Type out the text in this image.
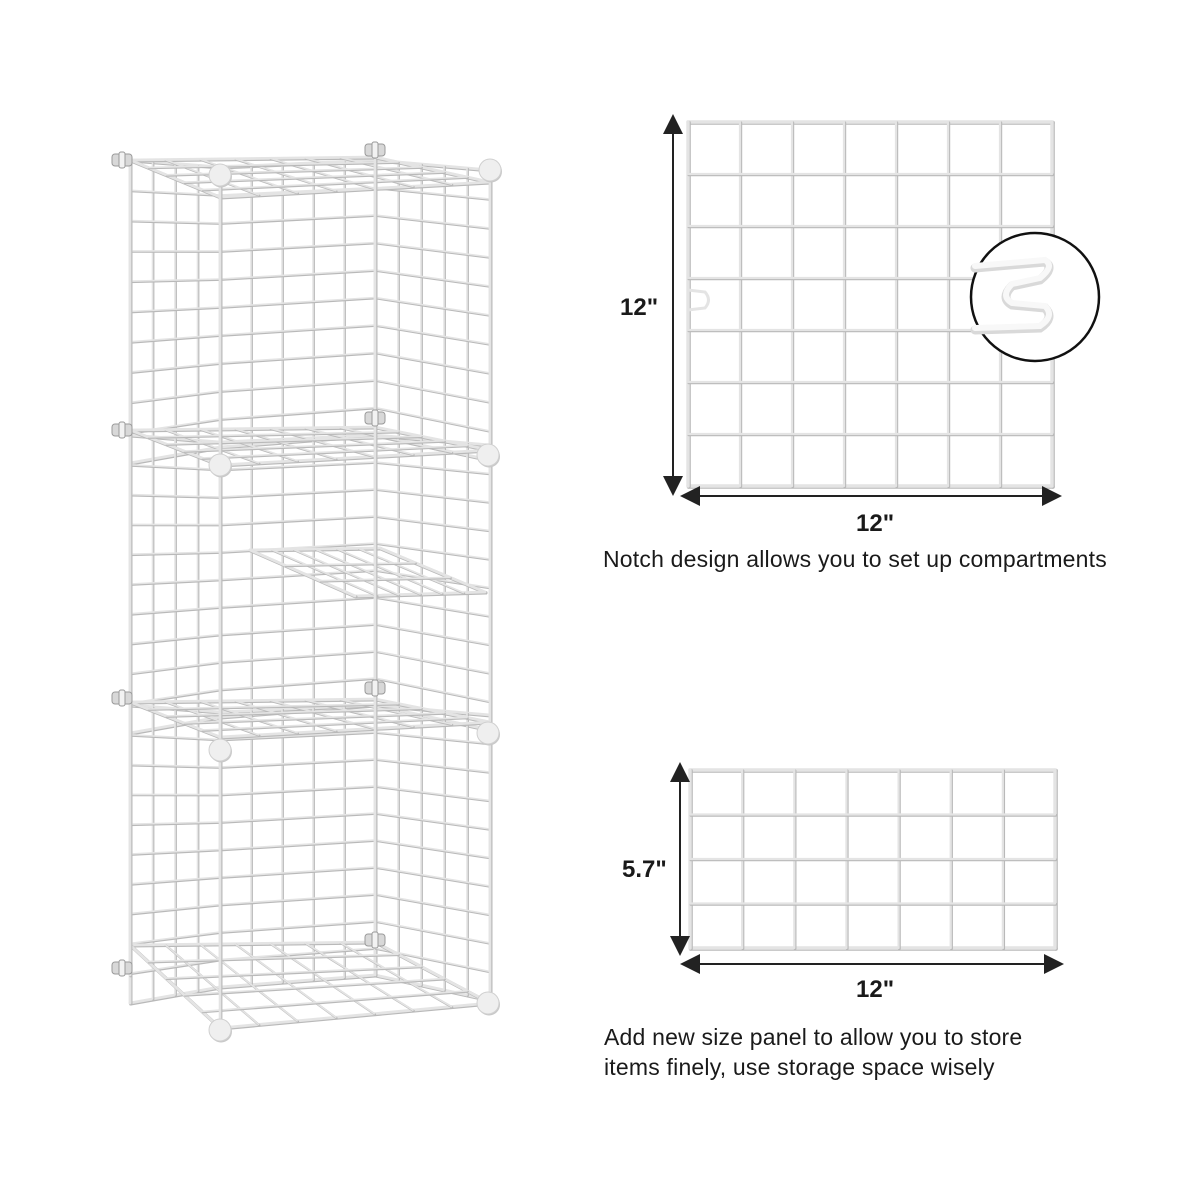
12"
12"
Notch design allows you to set up compartments
5.7"
12"
Add new size panel to allow you to store
items finely, use storage space wisely
